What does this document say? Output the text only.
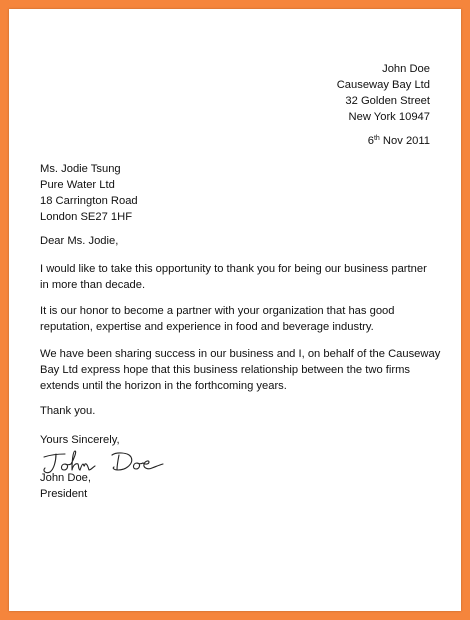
John Doe
Causeway Bay Ltd
32 Golden Street
New York 10947
6th Nov 2011
Ms. Jodie Tsung
Pure Water Ltd
18 Carrington Road
London SE27 1HF
Dear Ms. Jodie,
I would like to take this opportunity to thank you for being our business partner
in more than decade.
It is our honor to become a partner with your organization that has good
reputation, expertise and experience in food and beverage industry.
We have been sharing success in our business and I, on behalf of the Causeway
Bay Ltd express hope that this business relationship between the two firms
extends until the horizon in the forthcoming years.
Thank you.
Yours Sincerely,
John Doe,
President
